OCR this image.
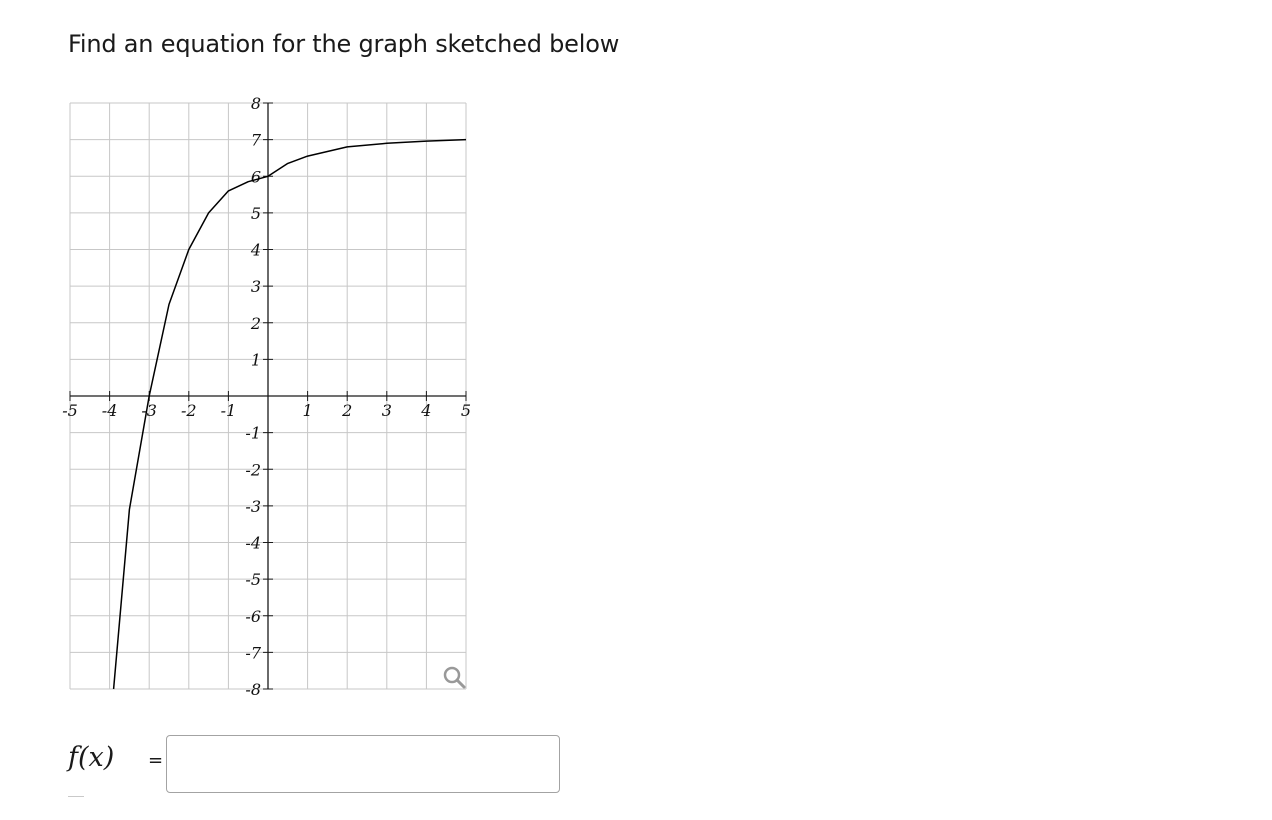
Find an equation for the graph sketched below
-5 -4 -3 -2 -1	1 2 3 4 5
8
7
6
5
4
3
2
1
-1
-2
-3
-4
-5
-6
-7
-8
f(x)	=
